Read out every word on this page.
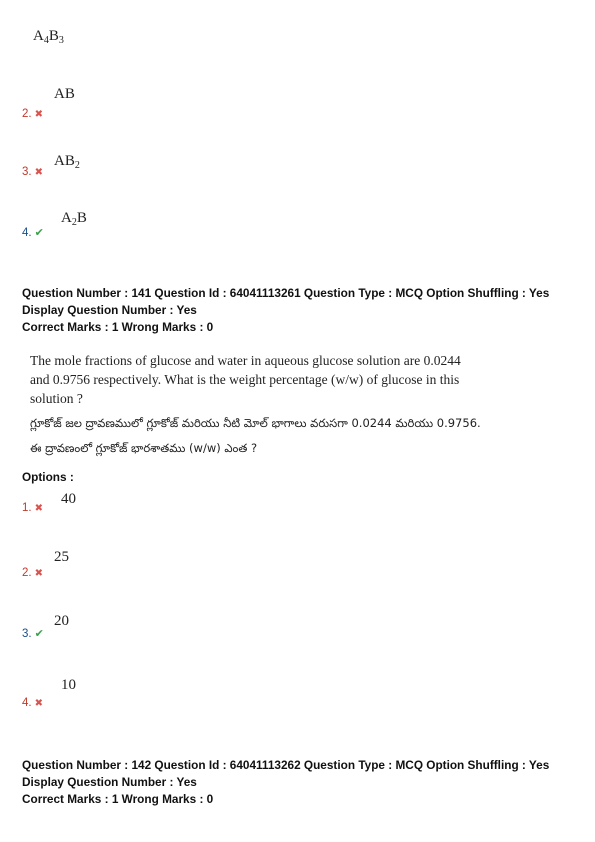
$A_4B_3$
AB
2. ✖
$AB_2$
3. ✖
$A_2B$
4. ✔
Question Number : 141 Question Id : 64041113261 Question Type : MCQ Option Shuffling : Yes
Display Question Number : Yes
Correct Marks : 1 Wrong Marks : 0
The mole fractions of glucose and water in aqueous glucose solution are 0.0244
and 0.9756 respectively. What is the weight percentage (w/w) of glucose in this
solution ?
గ్లూకోజ్ జల ద్రావణములో గ్లూకోజ్ మరియు నీటి మోల్ భాగాలు వరుసగా 0.0244 మరియు 0.9756.
ఈ ద్రావణంలో గ్లూకోజ్ భారశాతము (w/w) ఎంత ?
Options :
40
1. ✖
25
2. ✖
20
3. ✔
10
4. ✖
Question Number : 142 Question Id : 64041113262 Question Type : MCQ Option Shuffling : Yes
Display Question Number : Yes
Correct Marks : 1 Wrong Marks : 0
